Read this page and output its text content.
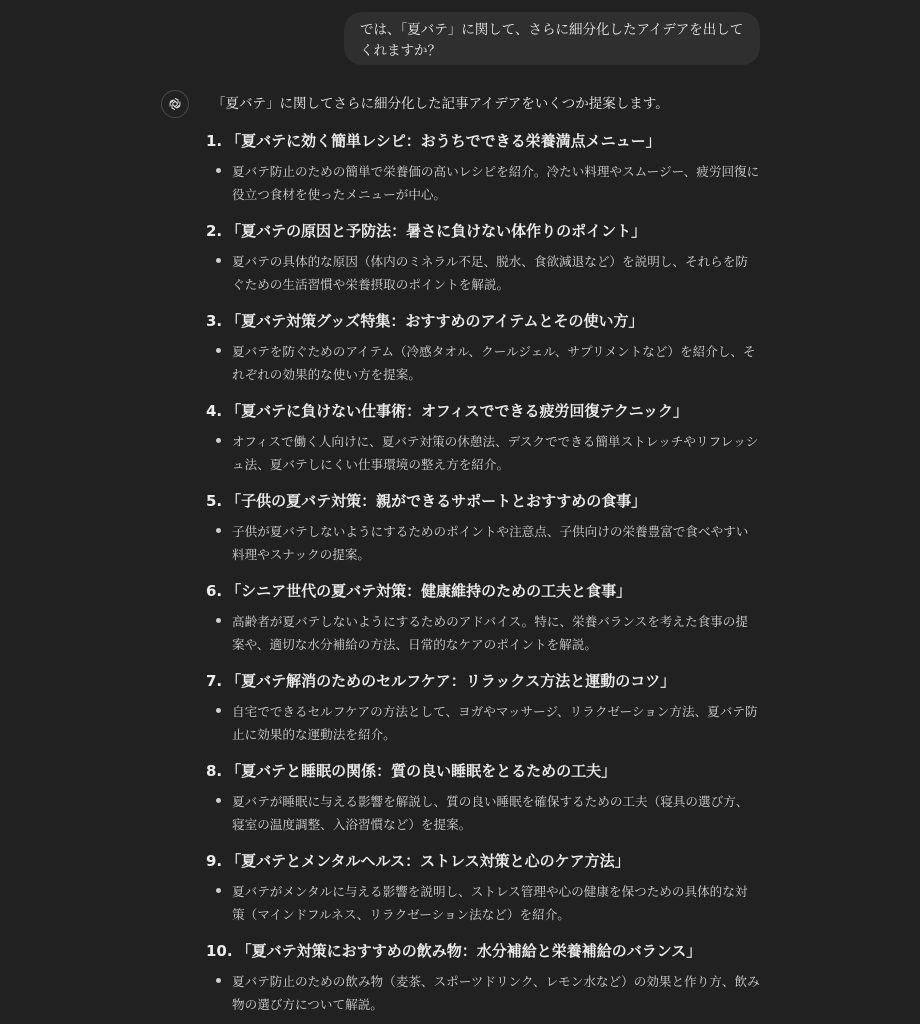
では、「夏バテ」に関して、さらに細分化したアイデアを出してくれますか？
「夏バテ」に関してさらに細分化した記事アイデアをいくつか提案します。
1. 「夏バテに効く簡単レシピ：おうちでできる栄養満点メニュー」
夏バテ防止のための簡単で栄養価の高いレシピを紹介。冷たい料理やスムージー、疲労回復に役立つ食材を使ったメニューが中心。
2. 「夏バテの原因と予防法：暑さに負けない体作りのポイント」
夏バテの具体的な原因（体内のミネラル不足、脱水、食欲減退など）を説明し、それらを防ぐための生活習慣や栄養摂取のポイントを解説。
3. 「夏バテ対策グッズ特集：おすすめのアイテムとその使い方」
夏バテを防ぐためのアイテム（冷感タオル、クールジェル、サプリメントなど）を紹介し、それぞれの効果的な使い方を提案。
4. 「夏バテに負けない仕事術：オフィスでできる疲労回復テクニック」
オフィスで働く人向けに、夏バテ対策の休憩法、デスクでできる簡単ストレッチやリフレッシュ法、夏バテしにくい仕事環境の整え方を紹介。
5. 「子供の夏バテ対策：親ができるサポートとおすすめの食事」
子供が夏バテしないようにするためのポイントや注意点、子供向けの栄養豊富で食べやすい料理やスナックの提案。
6. 「シニア世代の夏バテ対策：健康維持のための工夫と食事」
高齢者が夏バテしないようにするためのアドバイス。特に、栄養バランスを考えた食事の提案や、適切な水分補給の方法、日常的なケアのポイントを解説。
7. 「夏バテ解消のためのセルフケア：リラックス方法と運動のコツ」
自宅でできるセルフケアの方法として、ヨガやマッサージ、リラクゼーション方法、夏バテ防止に効果的な運動法を紹介。
8. 「夏バテと睡眠の関係：質の良い睡眠をとるための工夫」
夏バテが睡眠に与える影響を解説し、質の良い睡眠を確保するための工夫（寝具の選び方、寝室の温度調整、入浴習慣など）を提案。
9. 「夏バテとメンタルヘルス：ストレス対策と心のケア方法」
夏バテがメンタルに与える影響を説明し、ストレス管理や心の健康を保つための具体的な対策（マインドフルネス、リラクゼーション法など）を紹介。
10. 「夏バテ対策におすすめの飲み物：水分補給と栄養補給のバランス」
夏バテ防止のための飲み物（麦茶、スポーツドリンク、レモン水など）の効果と作り方、飲み物の選び方について解説。
